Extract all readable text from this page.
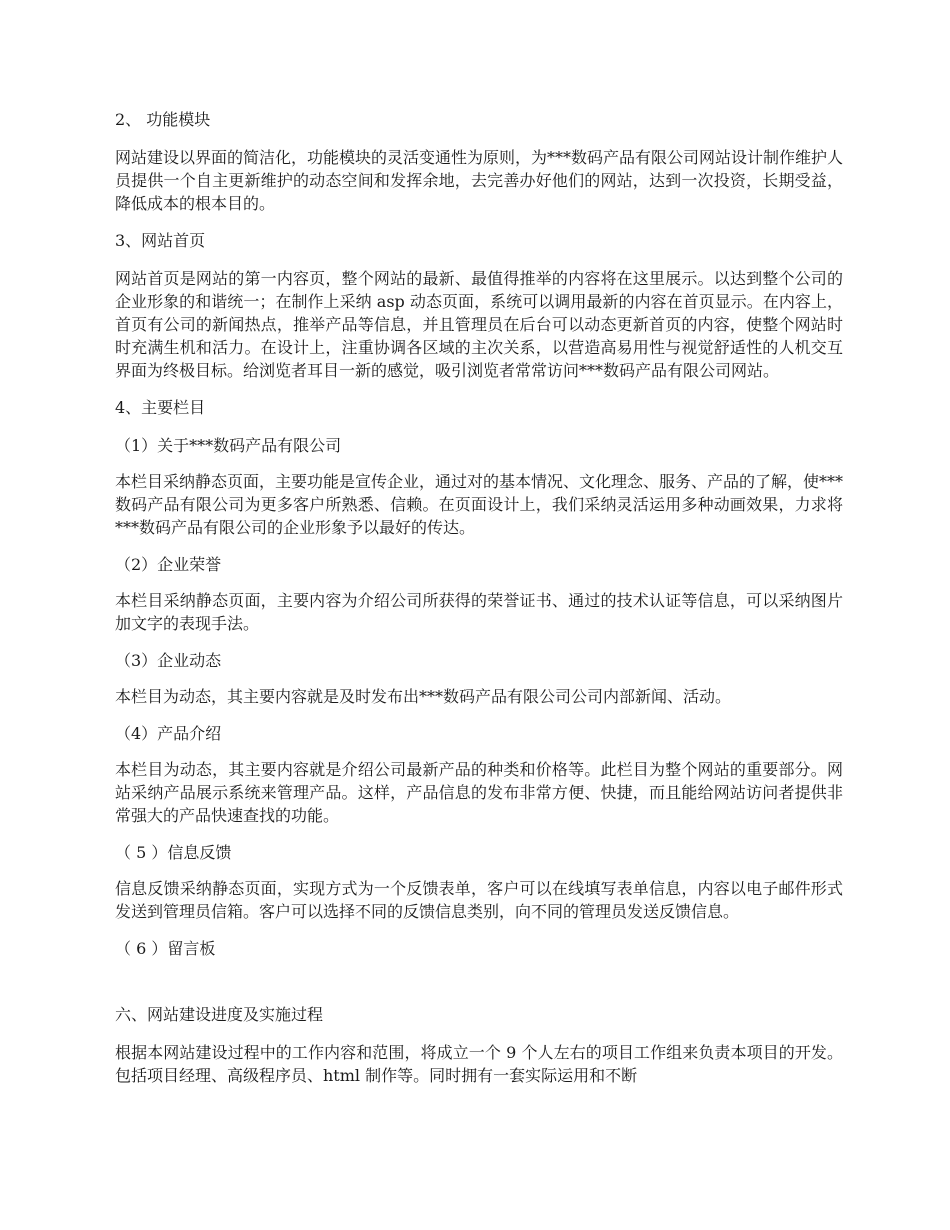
2、 功能模块
网站建设以界面的简洁化，功能模块的灵活变通性为原则，为***数码产品有限公司网站设计制作维护人员提供一个自主更新维护的动态空间和发挥余地，去完善办好他们的网站，达到一次投资，长期受益，降低成本的根本目的。
3、网站首页
网站首页是网站的第一内容页，整个网站的最新、最值得推举的内容将在这里展示。以达到整个公司的企业形象的和谐统一；在制作上采纳 asp 动态页面，系统可以调用最新的内容在首页显示。在内容上，首页有公司的新闻热点，推举产品等信息，并且管理员在后台可以动态更新首页的内容，使整个网站时时充满生机和活力。在设计上，注重协调各区域的主次关系，以营造高易用性与视觉舒适性的人机交互界面为终极目标。给浏览者耳目一新的感觉，吸引浏览者常常访问***数码产品有限公司网站。
4、主要栏目
（1）关于***数码产品有限公司
本栏目采纳静态页面，主要功能是宣传企业，通过对的基本情况、文化理念、服务、产品的了解，使***数码产品有限公司为更多客户所熟悉、信赖。在页面设计上，我们采纳灵活运用多种动画效果，力求将***数码产品有限公司的企业形象予以最好的传达。
（2）企业荣誉
本栏目采纳静态页面，主要内容为介绍公司所获得的荣誉证书、通过的技术认证等信息，可以采纳图片加文字的表现手法。
（3）企业动态
本栏目为动态，其主要内容就是及时发布出***数码产品有限公司公司内部新闻、活动。
（4）产品介绍
本栏目为动态，其主要内容就是介绍公司最新产品的种类和价格等。此栏目为整个网站的重要部分。网站采纳产品展示系统来管理产品。这样，产品信息的发布非常方便、快捷，而且能给网站访问者提供非常强大的产品快速查找的功能。
（ 5 ）信息反馈
信息反馈采纳静态页面，实现方式为一个反馈表单，客户可以在线填写表单信息，内容以电子邮件形式发送到管理员信箱。客户可以选择不同的反馈信息类别，向不同的管理员发送反馈信息。
（ 6 ）留言板
六、网站建设进度及实施过程
根据本网站建设过程中的工作内容和范围，将成立一个 9 个人左右的项目工作组来负责本项目的开发。包括项目经理、高级程序员、html 制作等。同时拥有一套实际运用和不断
